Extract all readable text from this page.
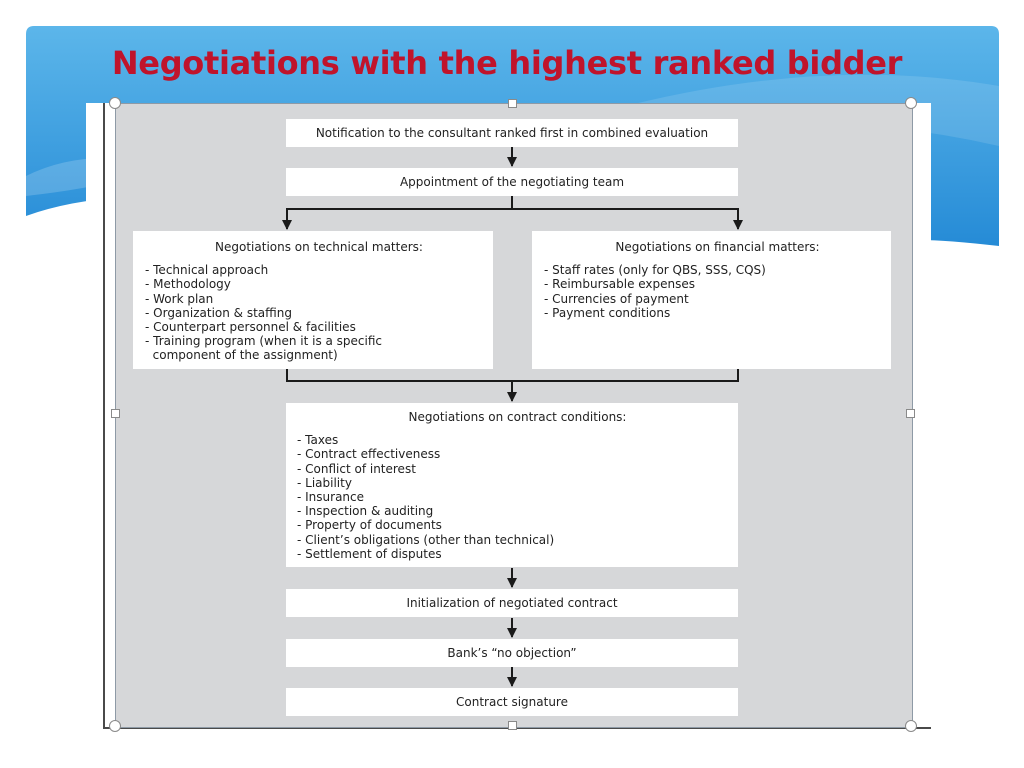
Negotiations with the highest ranked bidder
Notification to the consultant ranked first in combined evaluation
Appointment of the negotiating team
Negotiations on technical matters:
- Technical approach
- Methodology
- Work plan
- Organization & staffing
- Counterpart personnel & facilities
- Training program (when it is a specific
component of the assignment)
Negotiations on financial matters:
- Staff rates (only for QBS, SSS, CQS)
- Reimbursable expenses
- Currencies of payment
- Payment conditions
Negotiations on contract conditions:
- Taxes
- Contract effectiveness
- Conflict of interest
- Liability
- Insurance
- Inspection & auditing
- Property of documents
- Client’s obligations (other than technical)
- Settlement of disputes
Initialization of negotiated contract
Bank’s “no objection”
Contract signature
